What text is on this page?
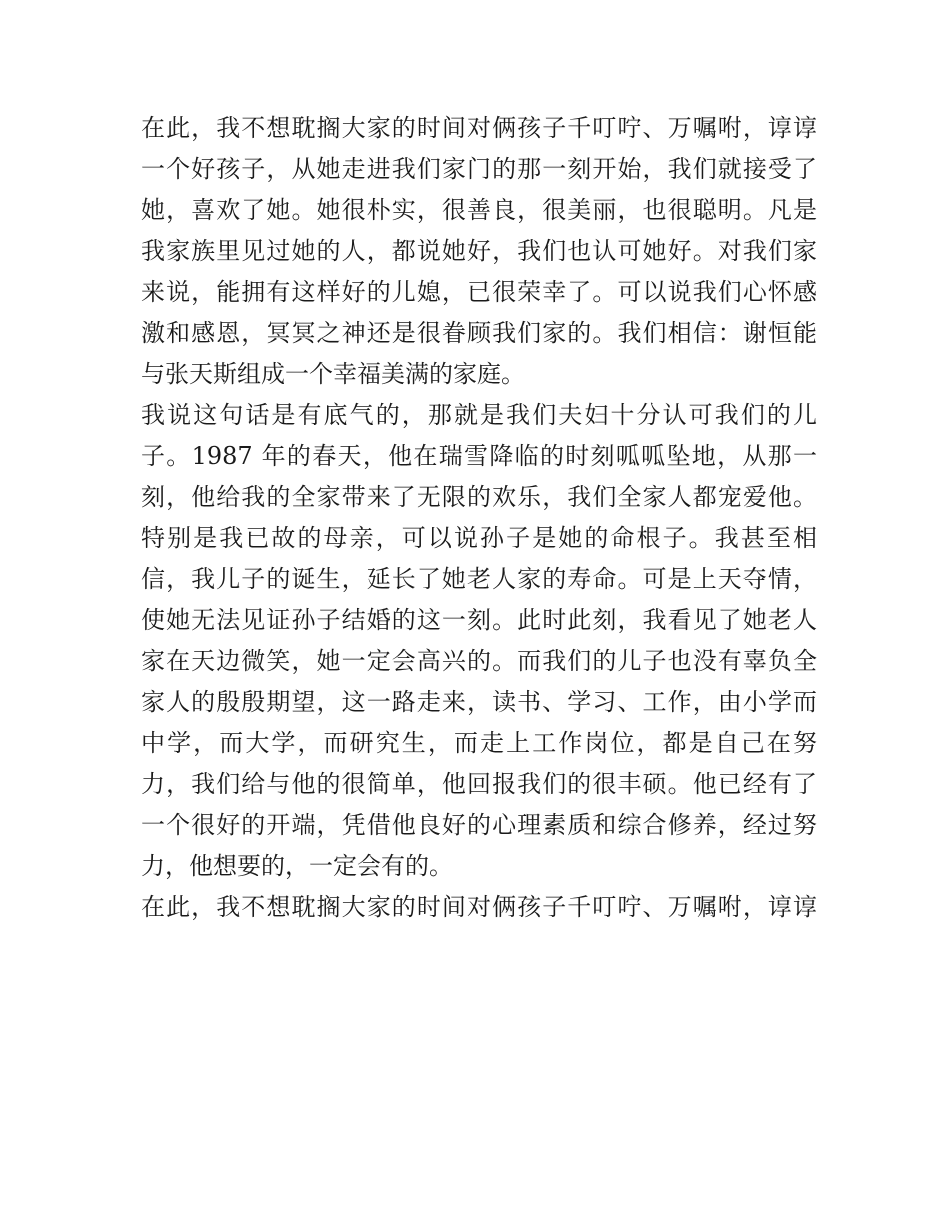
在此，我不想耽搁大家的时间对俩孩子千叮咛、万嘱咐，谆谆
一个好孩子，从她走进我们家门的那一刻开始，我们就接受了
她，喜欢了她。她很朴实，很善良，很美丽，也很聪明。凡是
我家族里见过她的人，都说她好，我们也认可她好。对我们家
来说，能拥有这样好的儿媳，已很荣幸了。可以说我们心怀感
激和感恩，冥冥之神还是很眷顾我们家的。我们相信：谢恒能
与张天斯组成一个幸福美满的家庭。
我说这句话是有底气的，那就是我们夫妇十分认可我们的儿
子。1987 年的春天，他在瑞雪降临的时刻呱呱坠地，从那一
刻，他给我的全家带来了无限的欢乐，我们全家人都宠爱他。
特别是我已故的母亲，可以说孙子是她的命根子。我甚至相
信，我儿子的诞生，延长了她老人家的寿命。可是上天夺情，
使她无法见证孙子结婚的这一刻。此时此刻，我看见了她老人
家在天边微笑，她一定会高兴的。而我们的儿子也没有辜负全
家人的殷殷期望，这一路走来，读书、学习、工作，由小学而
中学，而大学，而研究生，而走上工作岗位，都是自己在努
力，我们给与他的很简单，他回报我们的很丰硕。他已经有了
一个很好的开端，凭借他良好的心理素质和综合修养，经过努
力，他想要的，一定会有的。
在此，我不想耽搁大家的时间对俩孩子千叮咛、万嘱咐，谆谆
